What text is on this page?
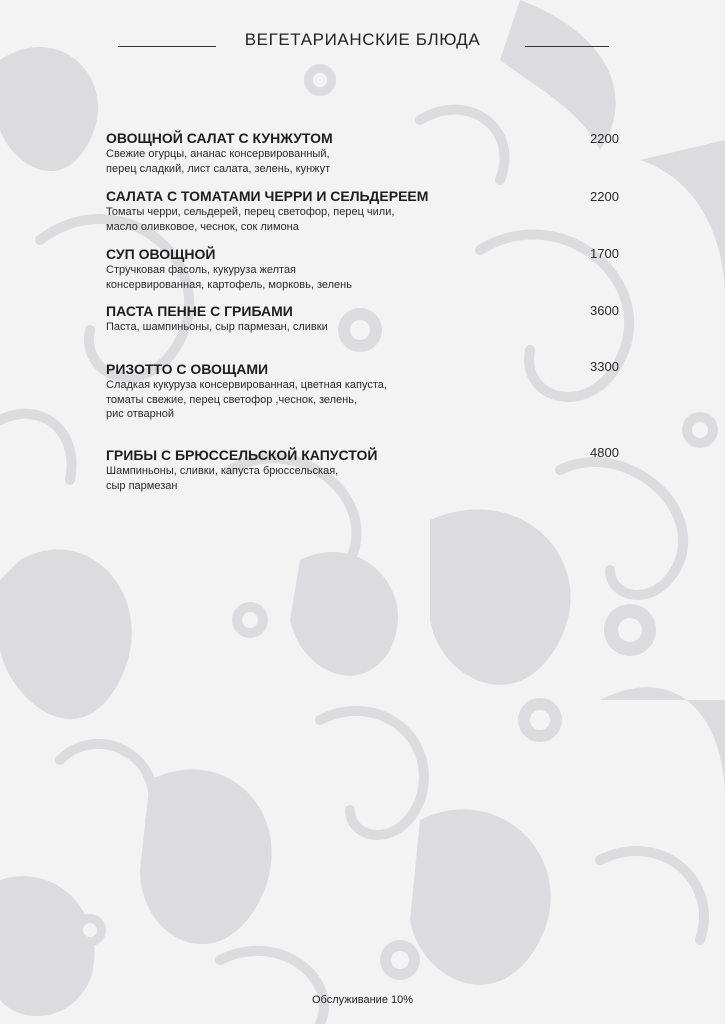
ВЕГЕТАРИАНСКИЕ БЛЮДА
ОВОЩНОЙ САЛАТ С КУНЖУТОМ
Свежие огурцы, ананас консервированный,
перец сладкий, лист салата, зелень, кунжут
2200
САЛАТА С ТОМАТАМИ ЧЕРРИ И СЕЛЬДЕРЕЕМ
Томаты черри, сельдерей, перец светофор, перец чили,
масло оливковое, чеснок, сок лимона
2200
СУП ОВОЩНОЙ
Стручковая фасоль, кукуруза желтая
консервированная, картофель, морковь, зелень
1700
ПАСТА ПЕННЕ С ГРИБАМИ
Паста, шампиньоны, сыр пармезан, сливки
3600
РИЗОТТО С ОВОЩАМИ
Сладкая кукуруза консервированная, цветная капуста,
томаты свежие, перец светофор ,чеснок, зелень,
рис отварной
3300
ГРИБЫ С БРЮССЕЛЬСКОЙ КАПУСТОЙ
Шампиньоны, сливки, капуста брюссельская,
сыр пармезан
4800
Обслуживание 10%
